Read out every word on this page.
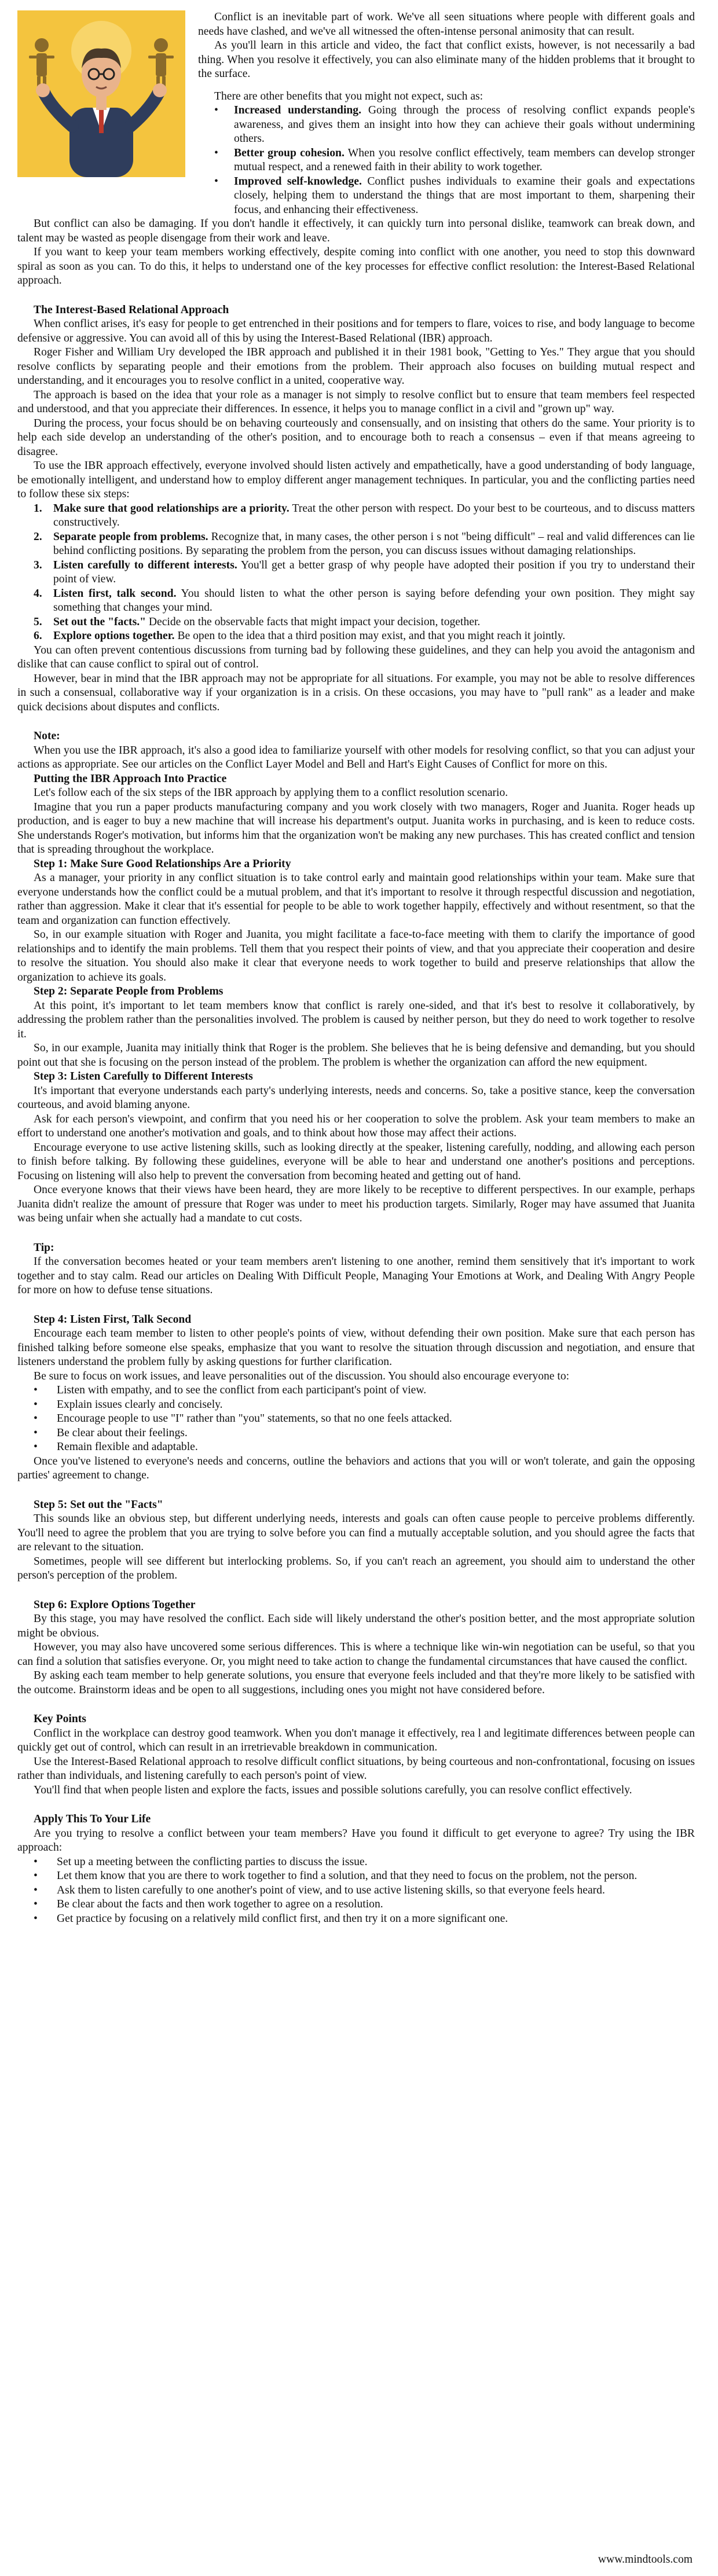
Conflict is an inevitable part of work. We've all seen situations where people with different goals and needs have clashed, and we've all witnessed the often-intense personal animosity that can result.

As you'll learn in this article and video, the fact that conflict exists, however, is not necessarily a bad thing. When you resolve it effectively, you can also eliminate many of the hidden problems that it brought to the surface.

There are other benefits that you might not expect, such as:

•	Increased understanding. Going through the process of resolving conflict expands people's awareness, and gives them an insight into how they can achieve their goals without undermining others.
•	Better group cohesion. When you resolve conflict effectively, team members can develop stronger mutual respect, and a renewed faith in their ability to work together.
•	Improved self-knowledge. Conflict pushes individuals to examine their goals and expectations closely, helping them to understand the things that are most important to them, sharpening their focus, and enhancing their effectiveness.

But conflict can also be damaging. If you don't handle it effectively, it can quickly turn into personal dislike, teamwork can break down, and talent may be wasted as people disengage from their work and leave.

If you want to keep your team members working effectively, despite coming into conflict with one another, you need to stop this downward spiral as soon as you can. To do this, it helps to understand one of the key processes for effective conflict resolution: the Interest-Based Relational approach.

The Interest-Based Relational Approach

When conflict arises, it's easy for people to get entrenched in their positions and for tempers to flare, voices to rise, and body language to become defensive or aggressive. You can avoid all of this by using the Interest-Based Relational (IBR) approach.

Roger Fisher and William Ury developed the IBR approach and published it in their 1981 book, "Getting to Yes." They argue that you should resolve conflicts by separating people and their emotions from the problem. Their approach also focuses on building mutual respect and understanding, and it encourages you to resolve conflict in a united, cooperative way.

The approach is based on the idea that your role as a manager is not simply to resolve conflict but to ensure that team members feel respected and understood, and that you appreciate their differences. In essence, it helps you to manage conflict in a civil and "grown up" way.

During the process, your focus should be on behaving courteously and consensually, and on insisting that others do the same. Your priority is to help each side develop an understanding of the other's position, and to encourage both to reach a consensus – even if that means agreeing to disagree.

To use the IBR approach effectively, everyone involved should listen actively and empathetically, have a good understanding of body language, be emotionally intelligent, and understand how to employ different anger management techniques. In particular, you and the conflicting parties need to follow these six steps:

1. Make sure that good relationships are a priority. Treat the other person with respect. Do your best to be courteous, and to discuss matters constructively.
2. Separate people from problems. Recognize that, in many cases, the other person i s not "being difficult" – real and valid differences can lie behind conflicting positions. By separating the problem from the person, you can discuss issues without damaging relationships.
3. Listen carefully to different interests. You'll get a better grasp of why people have adopted their position if you try to understand their point of view.
4. Listen first, talk second. You should listen to what the other person is saying before defending your own position. They might say something that changes your mind.
5. Set out the "facts." Decide on the observable facts that might impact your decision, together.
6. Explore options together. Be open to the idea that a third position may exist, and that you might reach it jointly.

You can often prevent contentious discussions from turning bad by following these guidelines, and they can help you avoid the antagonism and dislike that can cause conflict to spiral out of control.

However, bear in mind that the IBR approach may not be appropriate for all situations. For example, you may not be able to resolve differences in such a consensual, collaborative way if your organization is in a crisis. On these occasions, you may have to "pull rank" as a leader and make quick decisions about disputes and conflicts.

Note:

When you use the IBR approach, it's also a good idea to familiarize yourself with other models for resolving conflict, so that you can adjust your actions as appropriate. See our articles on the Conflict Layer Model and Bell and Hart's Eight Causes of Conflict for more on this.

Putting the IBR Approach Into Practice

Let's follow each of the six steps of the IBR approach by applying them to a conflict resolution scenario.

Imagine that you run a paper products manufacturing company and you work closely with two managers, Roger and Juanita. Roger heads up production, and is eager to buy a new machine that will increase his department's output. Juanita works in purchasing, and is keen to reduce costs. She understands Roger's motivation, but informs him that the organization won't be making any new purchases. This has created conflict and tension that is spreading throughout the workplace.

Step 1: Make Sure Good Relationships Are a Priority

As a manager, your priority in any conflict situation is to take control early and maintain good relationships within your team. Make sure that everyone understands how the conflict could be a mutual problem, and that it's important to resolve it through respectful discussion and negotiation, rather than aggression. Make it clear that it's essential for people to be able to work together happily, effectively and without resentment, so that the team and organization can function effectively.

So, in our example situation with Roger and Juanita, you might facilitate a face-to-face meeting with them to clarify the importance of good relationships and to identify the main problems. Tell them that you respect their points of view, and that you appreciate their cooperation and desire to resolve the situation. You should also make it clear that everyone needs to work together to build and preserve relationships that allow the organization to achieve its goals.

Step 2: Separate People from Problems

At this point, it's important to let team members know that conflict is rarely one-sided, and that it's best to resolve it collaboratively, by addressing the problem rather than the personalities involved. The problem is caused by neither person, but they do need to work together to resolve it.

So, in our example, Juanita may initially think that Roger is the problem. She believes that he is being defensive and demanding, but you should point out that she is focusing on the person instead of the problem. The problem is whether the organization can afford the new equipment.

Step 3: Listen Carefully to Different Interests

It's important that everyone understands each party's underlying interests, needs and concerns. So, take a positive stance, keep the conversation courteous, and avoid blaming anyone.

Ask for each person's viewpoint, and confirm that you need his or her cooperation to solve the problem. Ask your team members to make an effort to understand one another's motivation and goals, and to think about how those may affect their actions.

Encourage everyone to use active listening skills, such as looking directly at the speaker, listening carefully, nodding, and allowing each person to finish before talking. By following these guidelines, everyone will be able to hear and understand one another's positions and perceptions. Focusing on listening will also help to prevent the conversation from becoming heated and getting out of hand.

Once everyone knows that their views have been heard, they are more likely to be receptive to different perspectives. In our example, perhaps Juanita didn't realize the amount of pressure that Roger was under to meet his production targets. Similarly, Roger may have assumed that Juanita was being unfair when she actually had a mandate to cut costs.

Tip:

If the conversation becomes heated or your team members aren't listening to one another, remind them sensitively that it's important to work together and to stay calm. Read our articles on Dealing With Difficult People, Managing Your Emotions at Work, and Dealing With Angry People for more on how to defuse tense situations.

Step 4: Listen First, Talk Second

Encourage each team member to listen to other people's points of view, without defending their own position. Make sure that each person has finished talking before someone else speaks, emphasize that you want to resolve the situation through discussion and negotiation, and ensure that listeners understand the problem fully by asking questions for further clarification.

Be sure to focus on work issues, and leave personalities out of the discussion. You should also encourage everyone to:

•	Listen with empathy, and to see the conflict from each participant's point of view.
•	Explain issues clearly and concisely.
•	Encourage people to use "I" rather than "you" statements, so that no one feels attacked.
•	Be clear about their feelings.
•	Remain flexible and adaptable.

Once you've listened to everyone's needs and concerns, outline the behaviors and actions that you will or won't tolerate, and gain the opposing parties' agreement to change.

Step 5: Set out the "Facts"

This sounds like an obvious step, but different underlying needs, interests and goals can often cause people to perceive problems differently. You'll need to agree the problem that you are trying to solve before you can find a mutually acceptable solution, and you should agree the facts that are relevant to the situation.

Sometimes, people will see different but interlocking problems. So, if you can't reach an agreement, you should aim to understand the other person's perception of the problem.

Step 6: Explore Options Together

By this stage, you may have resolved the conflict. Each side will likely understand the other's position better, and the most appropriate solution might be obvious.

However, you may also have uncovered some serious differences. This is where a technique like win-win negotiation can be useful, so that you can find a solution that satisfies everyone. Or, you might need to take action to change the fundamental circumstances that have caused the conflict.

By asking each team member to help generate solutions, you ensure that everyone feels included and that they're more likely to be satisfied with the outcome. Brainstorm ideas and be open to all suggestions, including ones you might not have considered before.

Key Points

Conflict in the workplace can destroy good teamwork. When you don't manage it effectively, rea l and legitimate differences between people can quickly get out of control, which can result in an irretrievable breakdown in communication.

Use the Interest-Based Relational approach to resolve difficult conflict situations, by being courteous and non-confrontational, focusing on issues rather than individuals, and listening carefully to each person's point of view.

You'll find that when people listen and explore the facts, issues and possible solutions carefully, you can resolve conflict effectively.

Apply This To Your Life

Are you trying to resolve a conflict between your team members? Have you found it difficult to get everyone to agree? Try using the IBR approach:

•	Set up a meeting between the conflicting parties to discuss the issue.
•	Let them know that you are there to work together to find a solution, and that they need to focus on the problem, not the person.
•	Ask them to listen carefully to one another's point of view, and to use active listening skills, so that everyone feels heard.
•	Be clear about the facts and then work together to agree on a resolution.
•	Get practice by focusing on a relatively mild conflict first, and then try it on a more significant one.
www.mindtools.com
